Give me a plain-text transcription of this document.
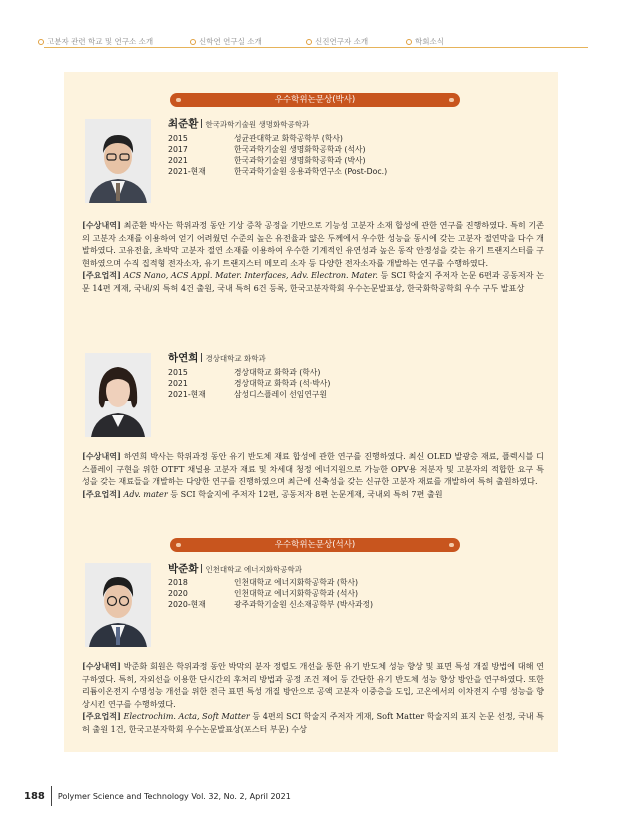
고분자 관련 학교 및 연구소 소개	신학연 연구실 소개	신진연구자 소개	학회소식
우수학위논문상(박사)
최준환 한국과학기술원 생명화학공학과
2015	성균관대학교 화학공학부 (학사)
2017	한국과학기술원 생명화학공학과 (석사)
2021	한국과학기술원 생명화학공학과 (박사)
2021-현재	한국과학기술원 응용과학연구소 (Post-Doc.)

[수상내역] 최준환 박사는 학위과정 동안 기상 증착 공정을 기반으로 기능성 고분자 소재 합성에 관한 연구를 진행하였다. 특히 기존의 고분자 소재를 이용하여 얻기 어려웠던 수준의 높은 유전율과 얇은 두께에서 우수한 성능을 동시에 갖는 고분자 절연막을 다수 개발하였다. 고유전율, 초박막 고분자 절연 소재를 이용하여 우수한 기계적인 유연성과 높은 동작 안정성을 갖는 유기 트랜지스터를 구현하였으며 수직 집적형 전자소자, 유기 트랜지스터 메모리 소자 등 다양한 전자소자를 개발하는 연구를 수행하였다.

[주요업적] ACS Nano, ACS Appl. Mater. Interfaces, Adv. Electron. Mater. 등 SCI 학술지 주저자 논문 6편과 공동저자 논문 14편 게재, 국내/외 특허 4건 출원, 국내 특허 6건 등록, 한국고분자학회 우수논문발표상, 한국화학공학회 우수 구두 발표상

하연희 경상대학교 화학과
2015	경상대학교 화학과 (학사)
2021	경상대학교 화학과 (석·박사)
2021-현재	삼성디스플레이 선임연구원

[수상내역] 하연희 박사는 학위과정 동안 유기 반도체 재료 합성에 관한 연구를 진행하였다. 최신 OLED 발광층 재료, 플렉시블 디스플레이 구현을 위한 OTFT 채널용 고분자 재료 및 차세대 청정 에너지원으로 가능한 OPV용 저분자 및 고분자의 적합한 요구 특성을 갖는 재료들을 개발하는 다양한 연구를 진행하였으며 최근에 신축성을 갖는 신규한 고분자 재료를 개발하여 특허 출원하였다.

[주요업적] Adv. mater 등 SCI 학술지에 주저자 12편, 공동저자 8편 논문게재, 국내외 특허 7편 출원

우수학위논문상(석사)
박준화 인천대학교 에너지화학공학과
2018	인천대학교 에너지화학공학과 (학사)
2020	인천대학교 에너지화학공학과 (석사)
2020-현재	광주과학기술원 신소재공학부 (박사과정)

[수상내역] 박준화 회원은 학위과정 동안 박막의 분자 정렬도 개선을 통한 유기 반도체 성능 향상 및 표면 특성 개질 방법에 대해 연구하였다. 특히, 자외선을 이용한 단시간의 후처리 방법과 공정 조건 제어 등 간단한 유기 반도체 성능 향상 방안을 연구하였다. 또한 리튬이온전지 수명성능 개선을 위한 전극 표면 특성 개질 방안으로 공액 고분자 이중층을 도입, 고온에서의 이차전지 수명 성능을 향상시킨 연구를 수행하였다.

[주요업적] Electrochim. Acta, Soft Matter 등 4편의 SCI 학술지 주저자 게재, Soft Matter 학술지의 표지 논문 선정, 국내 특허 출원 1건, 한국고분자학회 우수논문발표상(포스터 부문) 수상

188 Polymer Science and Technology Vol. 32, No. 2, April 2021
